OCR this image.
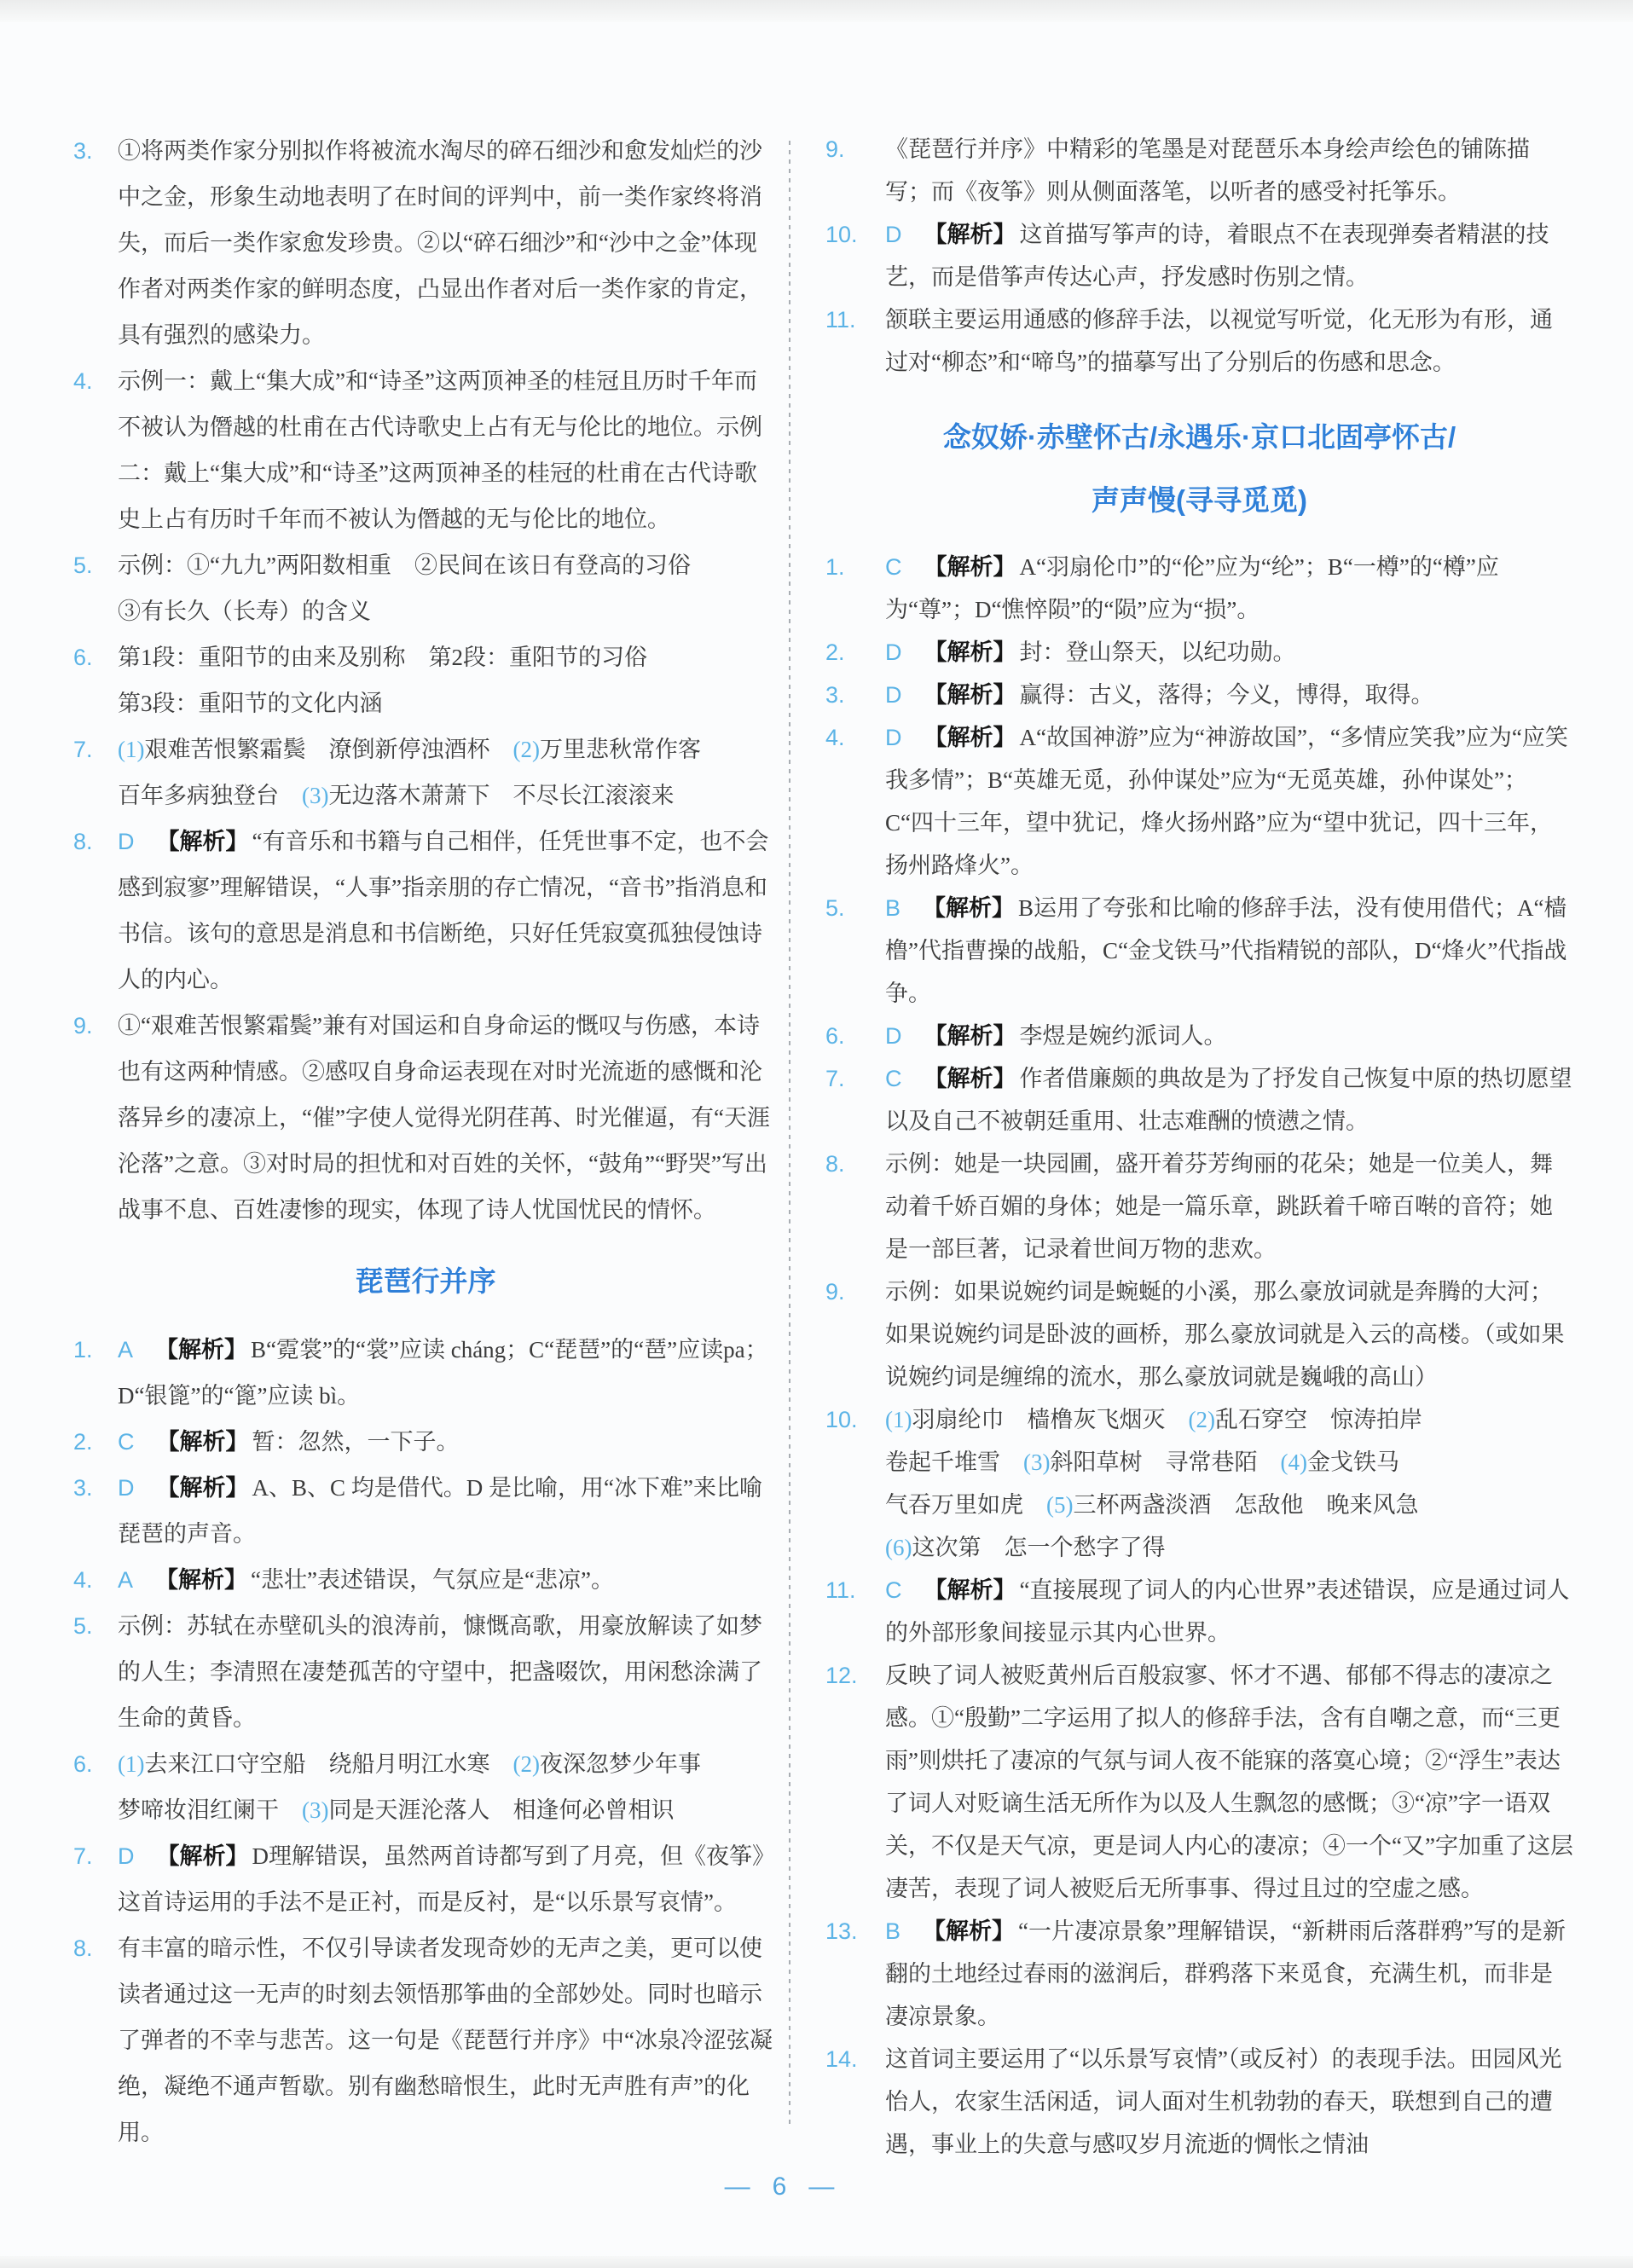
3. ①将两类作家分别拟作将被流水淘尽的碎石细沙和愈发灿烂的沙中之金，形象生动地表明了在时间的评判中，前一类作家终将消失，而后一类作家愈发珍贵。②以“碎石细沙”和“沙中之金”体现作者对两类作家的鲜明态度，凸显出作者对后一类作家的肯定，具有强烈的感染力。
4. 示例一：戴上“集大成”和“诗圣”这两顶神圣的桂冠且历时千年而不被认为僭越的杜甫在古代诗歌史上占有无与伦比的地位。示例二：戴上“集大成”和“诗圣”这两顶神圣的桂冠的杜甫在古代诗歌史上占有历时千年而不被认为僭越的无与伦比的地位。
5. 示例：①“九九”两阳数相重　②民间在该日有登高的习俗
③有长久（长寿）的含义
6. 第1段：重阳节的由来及别称　第2段：重阳节的习俗
第3段：重阳节的文化内涵
7. (1)艰难苦恨繁霜鬓　潦倒新停浊酒杯　(2)万里悲秋常作客
百年多病独登台　(3)无边落木萧萧下　不尽长江滚滚来
8. D 【解析】 “有音乐和书籍与自己相伴，任凭世事不定，也不会感到寂寥”理解错误，“人事”指亲朋的存亡情况，“音书”指消息和书信。该句的意思是消息和书信断绝，只好任凭寂寞孤独侵蚀诗人的内心。
9. ①“艰难苦恨繁霜鬓”兼有对国运和自身命运的慨叹与伤感，本诗也有这两种情感。②感叹自身命运表现在对时光流逝的感慨和沦落异乡的凄凉上，“催”字使人觉得光阴荏苒、时光催逼，有“天涯沦落”之意。③对时局的担忧和对百姓的关怀，“鼓角”“野哭”写出战事不息、百姓凄惨的现实，体现了诗人忧国忧民的情怀。
琵琶行并序
1. A 【解析】 B“霓裳”的“裳”应读 cháng；C“琵琶”的“琶”应读pa；D“银篦”的“篦”应读 bì。
2. C 【解析】 暂：忽然，一下子。
3. D 【解析】 A、B、C 均是借代。D 是比喻，用“冰下难”来比喻琵琶的声音。
4. A 【解析】 “悲壮”表述错误，气氛应是“悲凉”。
5. 示例：苏轼在赤壁矶头的浪涛前，慷慨高歌，用豪放解读了如梦的人生；李清照在凄楚孤苦的守望中，把盏啜饮，用闲愁涂满了生命的黄昏。
6. (1)去来江口守空船　绕船月明江水寒　(2)夜深忽梦少年事
梦啼妆泪红阑干　(3)同是天涯沦落人　相逢何必曾相识
7. D 【解析】 D理解错误，虽然两首诗都写到了月亮，但《夜筝》这首诗运用的手法不是正衬，而是反衬，是“以乐景写哀情”。
8. 有丰富的暗示性，不仅引导读者发现奇妙的无声之美，更可以使读者通过这一无声的时刻去领悟那筝曲的全部妙处。同时也暗示了弹者的不幸与悲苦。这一句是《琵琶行并序》中“冰泉冷涩弦凝绝，凝绝不通声暂歇。别有幽愁暗恨生，此时无声胜有声”的化用。
9. 《琵琶行并序》中精彩的笔墨是对琵琶乐本身绘声绘色的铺陈描写；而《夜筝》则从侧面落笔，以听者的感受衬托筝乐。
10. D 【解析】 这首描写筝声的诗，着眼点不在表现弹奏者精湛的技艺，而是借筝声传达心声，抒发感时伤别之情。
11. 颔联主要运用通感的修辞手法，以视觉写听觉，化无形为有形，通过对“柳态”和“啼鸟”的描摹写出了分别后的伤感和思念。
念奴娇·赤壁怀古/永遇乐·京口北固亭怀古/
声声慢(寻寻觅觅)
1. C 【解析】 A“羽扇伦巾”的“伦”应为“纶”；B“一樽”的“樽”应为“尊”；D“憔悴陨”的“陨”应为“损”。
2. D 【解析】 封：登山祭天，以纪功勋。
3. D 【解析】 赢得：古义，落得；今义，博得，取得。
4. D 【解析】 A“故国神游”应为“神游故国”，“多情应笑我”应为“应笑我多情”；B“英雄无觅，孙仲谋处”应为“无觅英雄，孙仲谋处”；C“四十三年，望中犹记，烽火扬州路”应为“望中犹记，四十三年，扬州路烽火”。
5. B 【解析】 B运用了夸张和比喻的修辞手法，没有使用借代；A“樯橹”代指曹操的战船，C“金戈铁马”代指精锐的部队，D“烽火”代指战争。
6. D 【解析】 李煜是婉约派词人。
7. C 【解析】 作者借廉颇的典故是为了抒发自己恢复中原的热切愿望以及自己不被朝廷重用、壮志难酬的愤懑之情。
8. 示例：她是一块园圃，盛开着芬芳绚丽的花朵；她是一位美人，舞动着千娇百媚的身体；她是一篇乐章，跳跃着千啼百啭的音符；她是一部巨著，记录着世间万物的悲欢。
9. 示例：如果说婉约词是蜿蜒的小溪，那么豪放词就是奔腾的大河；如果说婉约词是卧波的画桥，那么豪放词就是入云的高楼。（或如果说婉约词是缠绵的流水，那么豪放词就是巍峨的高山）
10. (1)羽扇纶巾　樯橹灰飞烟灭　(2)乱石穿空　惊涛拍岸
卷起千堆雪　(3)斜阳草树　寻常巷陌　(4)金戈铁马
气吞万里如虎　(5)三杯两盏淡酒　怎敌他　晚来风急
(6)这次第　怎一个愁字了得
11. C 【解析】 “直接展现了词人的内心世界”表述错误，应是通过词人的外部形象间接显示其内心世界。
12. 反映了词人被贬黄州后百般寂寥、怀才不遇、郁郁不得志的凄凉之感。①“殷勤”二字运用了拟人的修辞手法，含有自嘲之意，而“三更雨”则烘托了凄凉的气氛与词人夜不能寐的落寞心境；②“浮生”表达了词人对贬谪生活无所作为以及人生飘忽的感慨；③“凉”字一语双关，不仅是天气凉，更是词人内心的凄凉；④一个“又”字加重了这层凄苦，表现了词人被贬后无所事事、得过且过的空虚之感。
13. B 【解析】 “一片凄凉景象”理解错误，“新耕雨后落群鸦”写的是新翻的土地经过春雨的滋润后，群鸦落下来觅食，充满生机，而非是凄凉景象。
14. 这首词主要运用了“以乐景写哀情”（或反衬）的表现手法。田园风光怡人，农家生活闲适，词人面对生机勃勃的春天，联想到自己的遭遇，事业上的失意与感叹岁月流逝的惆怅之情油
— 6 —
